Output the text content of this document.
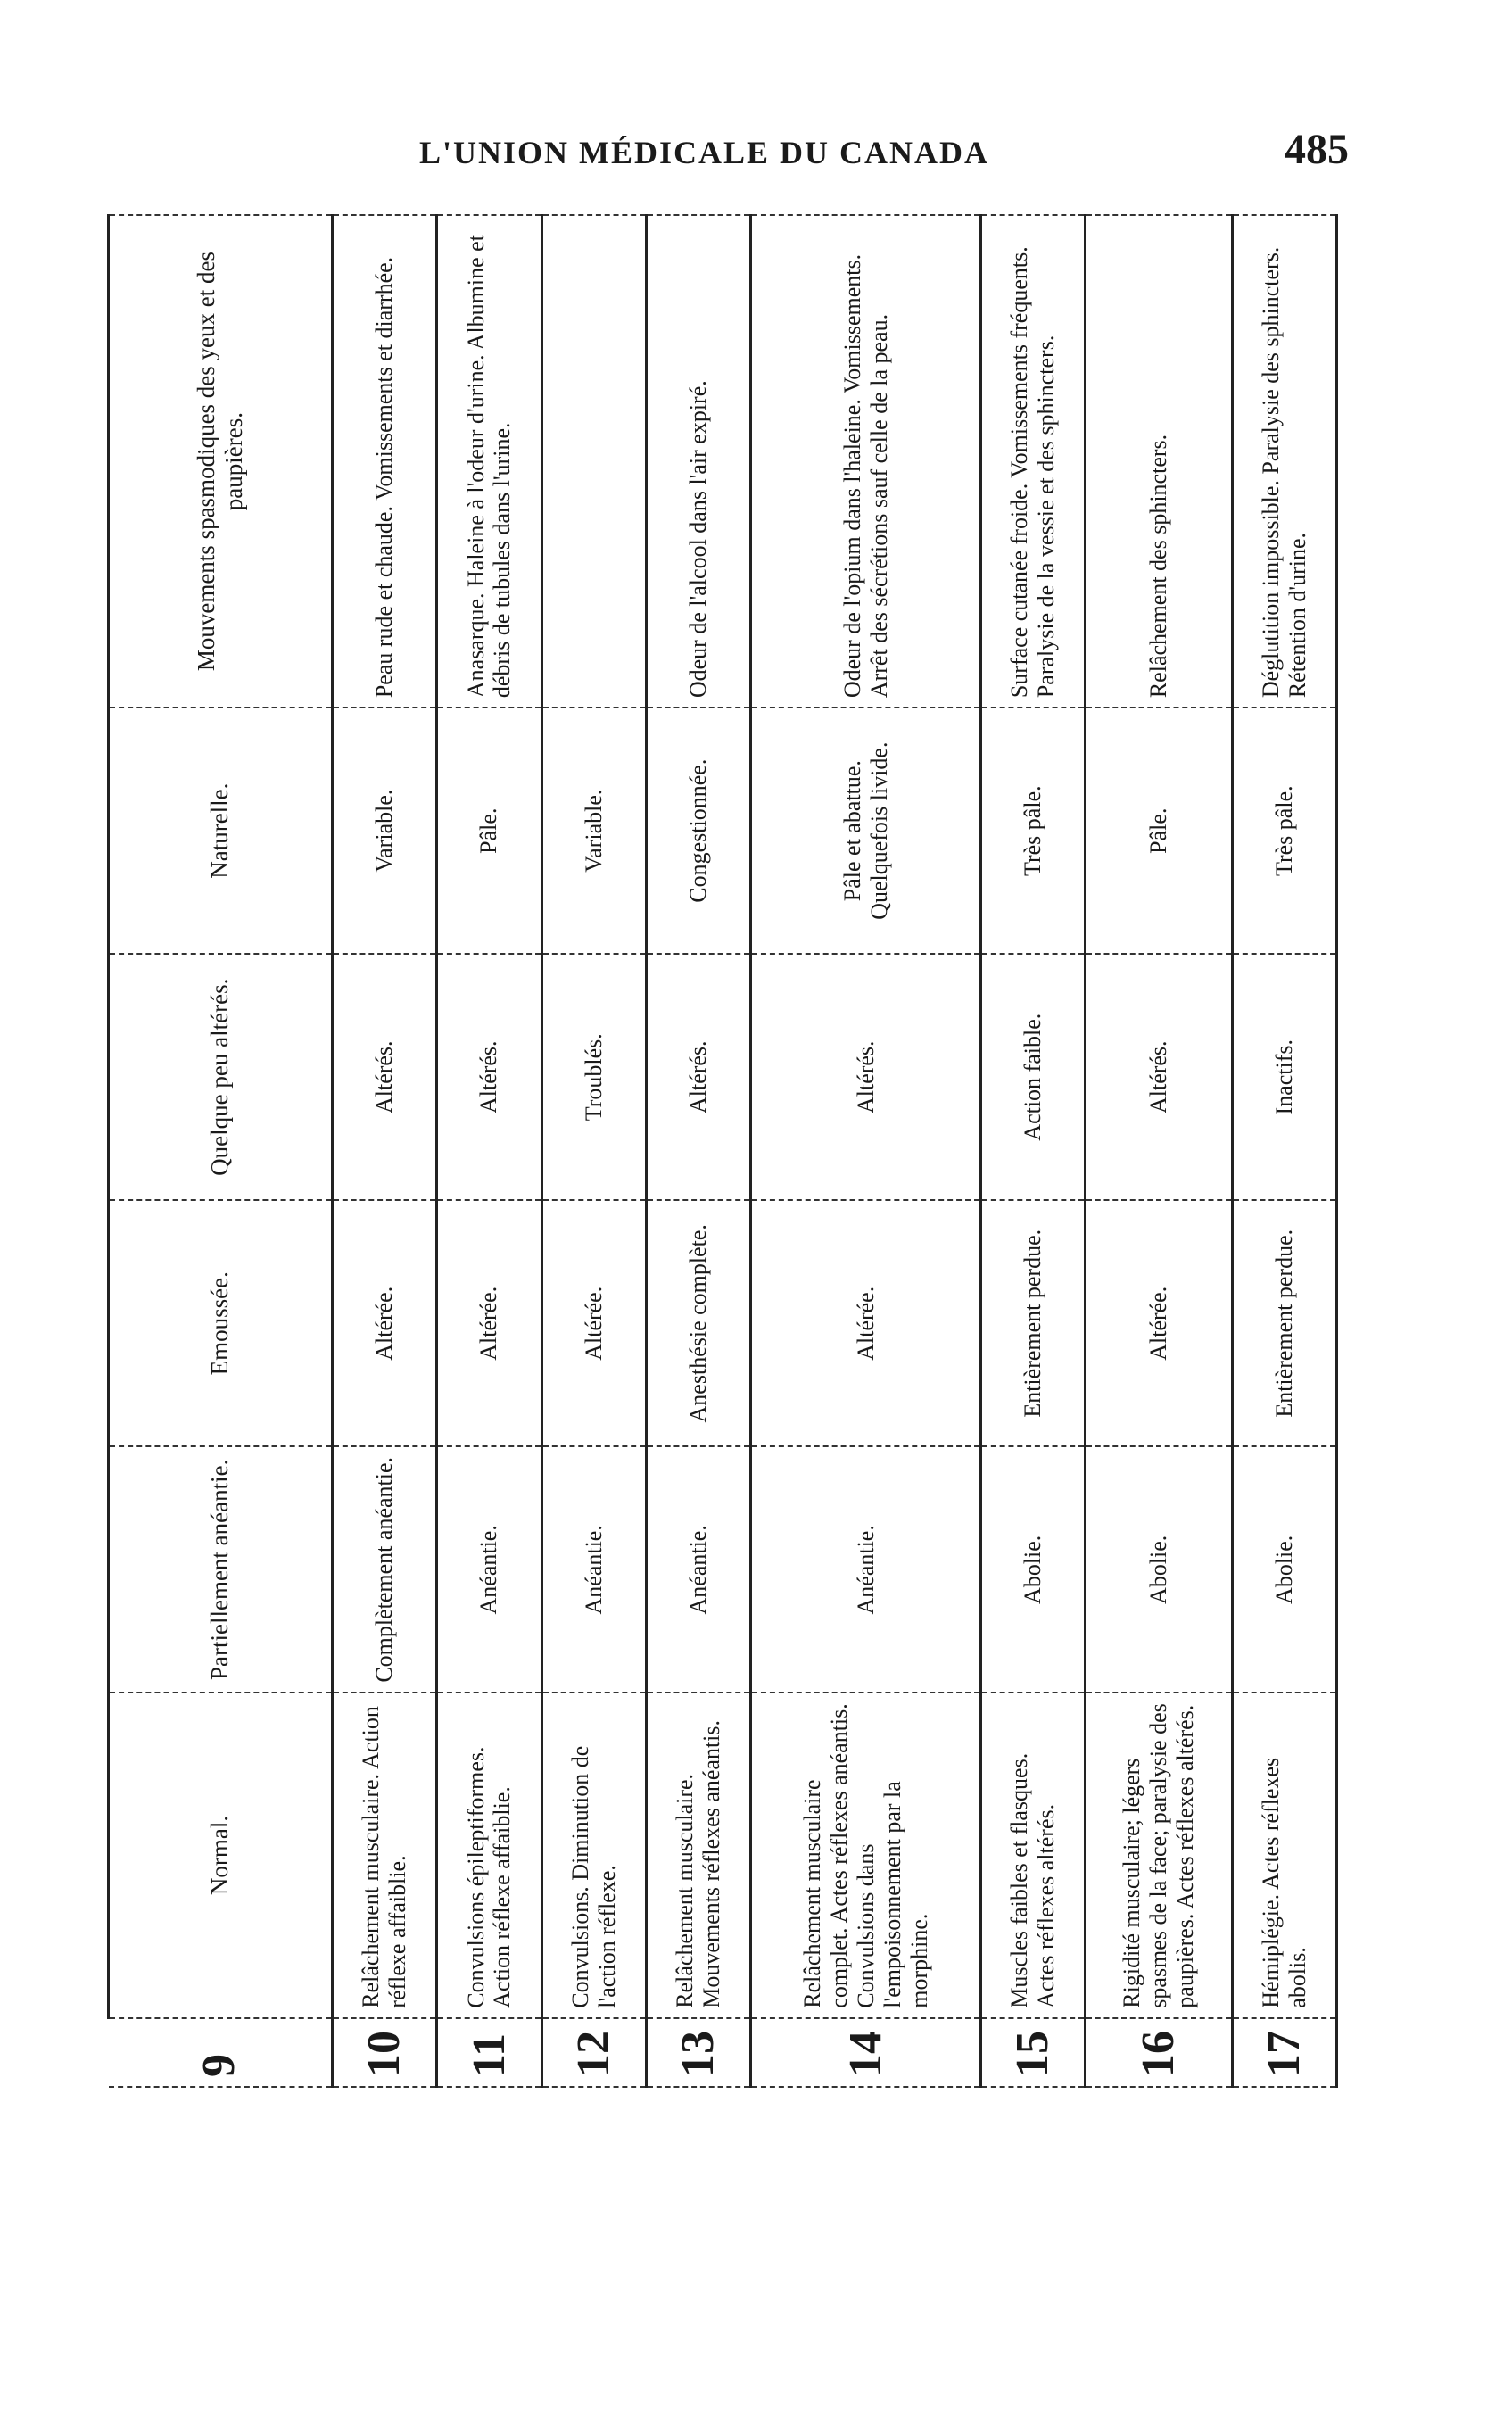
L'UNION MÉDICALE DU CANADA	485
9	Normal.	Partiellement anéantie.	Emoussée.	Quelque peu altérés.	Naturelle.	Mouvements spasmodiques des yeux et des paupières.
10	Relâchement musculaire. Action réflexe affaiblie.	Complètement anéantie.	Altérée.	Altérés.	Variable.	Peau rude et chaude. Vomissements et diarrhée.
11	Convulsions épileptiformes. Action réflexe affaiblie.	Anéantie.	Altérée.	Altérés.	Pâle.	Anasarque. Haleine à l'odeur d'urine. Albumine et débris de tubules dans l'urine.
12	Convulsions. Diminution de l'action réflexe.	Anéantie.	Altérée.	Troublés.	Variable.	
13	Relâchement musculaire. Mouvements réflexes anéantis.	Anéantie.	Anesthésie complète.	Altérés.	Congestionnée.	Odeur de l'alcool dans l'air expiré.
14	Relâchement musculaire complet. Actes réflexes anéantis. Convulsions dans l'empoisonnement par la morphine.	Anéantie.	Altérée.	Altérés.	Pâle et abattue. Quelquefois livide.	Odeur de l'opium dans l'haleine. Vomissements. Arrêt des sécrétions sauf celle de la peau.
15	Muscles faibles et flasques. Actes réflexes altérés.	Abolie.	Entièrement perdue.	Action faible.	Très pâle.	Surface cutanée froide. Vomissements fréquents. Paralysie de la vessie et des sphincters.
16	Rigidité musculaire; légers spasmes de la face; paralysie des paupières. Actes réflexes altérés.	Abolie.	Altérée.	Altérés.	Pâle.	Relâchement des sphincters.
17	Hémiplégie. Actes réflexes abolis.	Abolie.	Entièrement perdue.	Inactifs.	Très pâle.	Déglutition impossible. Paralysie des sphincters. Rétention d'urine.
